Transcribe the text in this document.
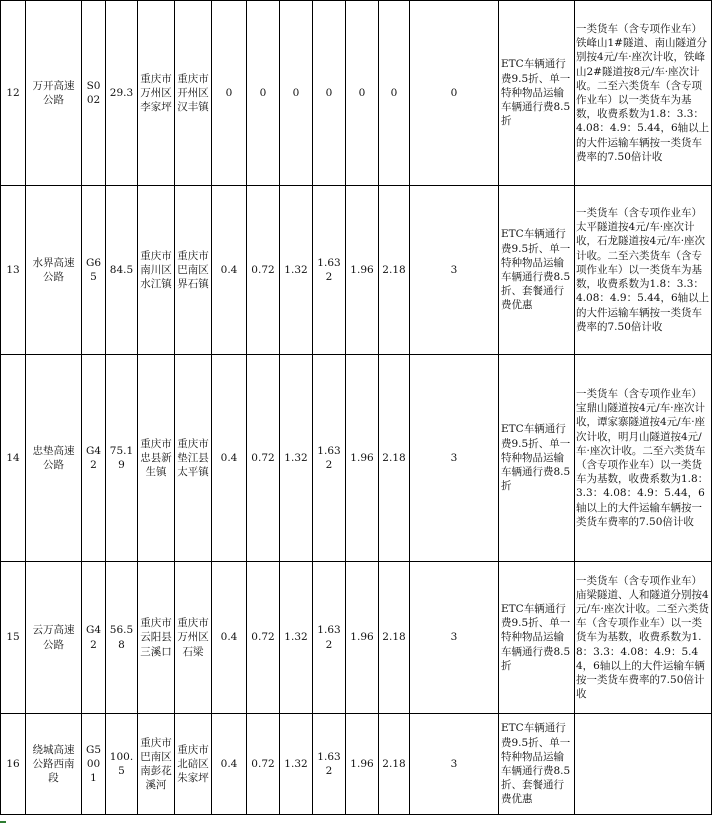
12	万开高速公路	S002	29.3	重庆市万州区李家坪	重庆市开州区汉丰镇	0	0	0	0	0	0	0	ETC车辆通行费9.5折、单一特种物品运输车辆通行费8.5折	一类货车（含专项作业车）铁峰山1#隧道、南山隧道分别按4元/车·座次计收，铁峰山2#隧道按8元/车·座次计收。二至六类货车（含专项作业车）以一类货车为基数，收费系数为1.8：3.3：4.08：4.9：5.44，6轴以上的大件运输车辆按一类货车费率的7.50倍计收
13	水界高速公路	G65	84.5	重庆市南川区水江镇	重庆市巴南区界石镇	0.4	0.72	1.32	1.632	1.96	2.18	3	ETC车辆通行费9.5折、单一特种物品运输车辆通行费8.5折、套餐通行费优惠	一类货车（含专项作业车）太平隧道按4元/车·座次计收，石龙隧道按4元/车·座次计收。二至六类货车（含专项作业车）以一类货车为基数，收费系数为1.8：3.3：4.08：4.9：5.44，6轴以上的大件运输车辆按一类货车费率的7.50倍计收
14	忠垫高速公路	G42	75.19	重庆市忠县新生镇	重庆市垫江县太平镇	0.4	0.72	1.32	1.632	1.96	2.18	3	ETC车辆通行费9.5折、单一特种物品运输车辆通行费8.5折	一类货车（含专项作业车）宝鼎山隧道按4元/车·座次计收，谭家寨隧道按4元/车·座次计收，明月山隧道按4元/车·座次计收。二至六类货车（含专项作业车）以一类货车为基数，收费系数为1.8：3.3：4.08：4.9：5.44，6轴以上的大件运输车辆按一类货车费率的7.50倍计收
15	云万高速公路	G42	56.58	重庆市云阳县三溪口	重庆市万州区石梁	0.4	0.72	1.32	1.632	1.96	2.18	3	ETC车辆通行费9.5折、单一特种物品运输车辆通行费8.5折	一类货车（含专项作业车）庙梁隧道、人和隧道分别按4元/车·座次计收。二至六类货车（含专项作业车）以一类货车为基数，收费系数为1.8：3.3：4.08：4.9：5.44，6轴以上的大件运输车辆按一类货车费率的7.50倍计收
16	绕城高速公路西南段	G5001	100.5	重庆市巴南区南彭花溪河	重庆市北碚区朱家坪	0.4	0.72	1.32	1.632	1.96	2.18	3	ETC车辆通行费9.5折、单一特种物品运输车辆通行费8.5折、套餐通行费优惠	
